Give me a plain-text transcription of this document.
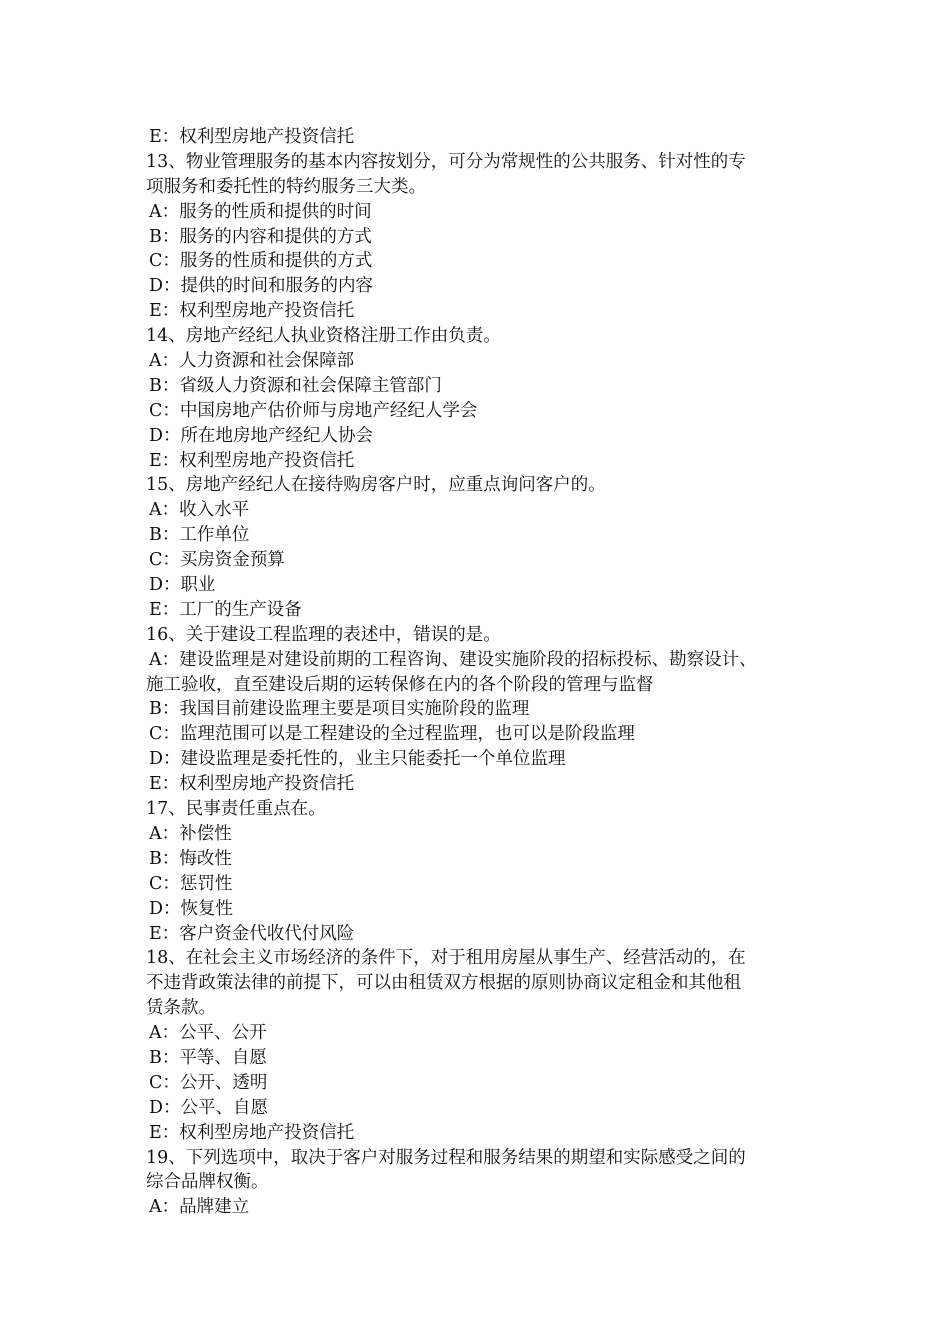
E：权利型房地产投资信托
13、物业管理服务的基本内容按划分，可分为常规性的公共服务、针对性的专
项服务和委托性的特约服务三大类。
A：服务的性质和提供的时间
B：服务的内容和提供的方式
C：服务的性质和提供的方式
D：提供的时间和服务的内容
E：权利型房地产投资信托
14、房地产经纪人执业资格注册工作由负责。
A：人力资源和社会保障部
B：省级人力资源和社会保障主管部门
C：中国房地产估价师与房地产经纪人学会
D：所在地房地产经纪人协会
E：权利型房地产投资信托
15、房地产经纪人在接待购房客户时，应重点询问客户的。
A：收入水平
B：工作单位
C：买房资金预算
D：职业
E：工厂的生产设备
16、关于建设工程监理的表述中，错误的是。
A：建设监理是对建设前期的工程咨询、建设实施阶段的招标投标、勘察设计、
施工验收，直至建设后期的运转保修在内的各个阶段的管理与监督
B：我国目前建设监理主要是项目实施阶段的监理
C：监理范围可以是工程建设的全过程监理，也可以是阶段监理
D：建设监理是委托性的，业主只能委托一个单位监理
E：权利型房地产投资信托
17、民事责任重点在。
A：补偿性
B：悔改性
C：惩罚性
D：恢复性
E：客户资金代收代付风险
18、在社会主义市场经济的条件下，对于租用房屋从事生产、经营活动的，在
不违背政策法律的前提下，可以由租赁双方根据的原则协商议定租金和其他租
赁条款。
A：公平、公开
B：平等、自愿
C：公开、透明
D：公平、自愿
E：权利型房地产投资信托
19、下列选项中，取决于客户对服务过程和服务结果的期望和实际感受之间的
综合品牌权衡。
A：品牌建立
